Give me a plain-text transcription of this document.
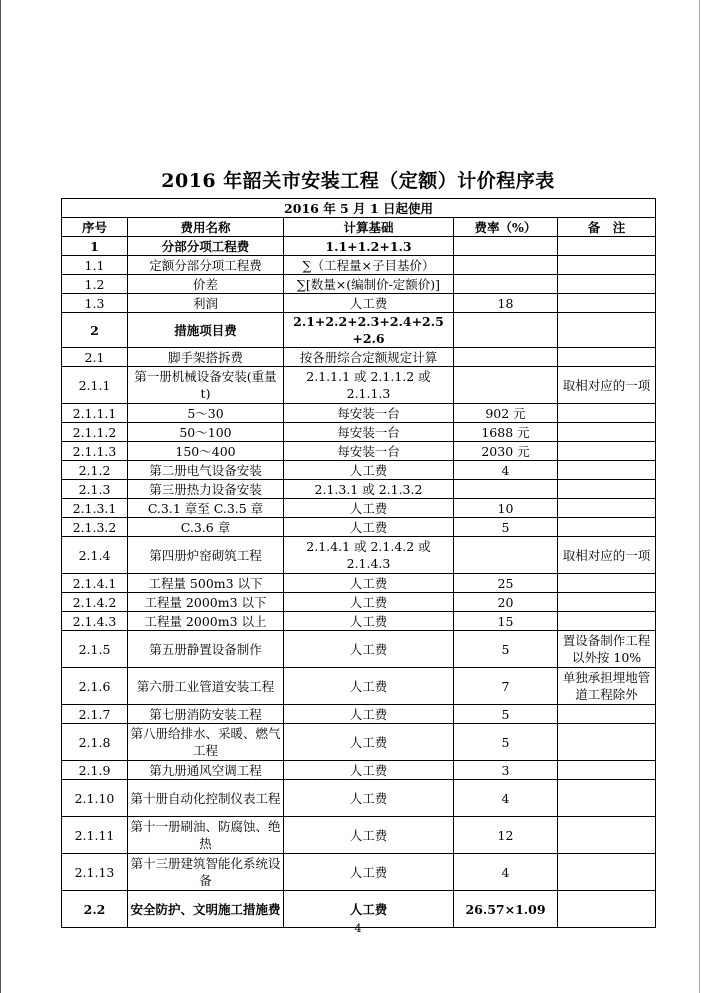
2016 年韶关市安装工程（定额）计价程序表
2016 年 5 月 1 日起使用				
序号	费用名称	计算基础	费率（%）	备　注
1	分部分项工程费	1.1+1.2+1.3		
1.1	定额分部分项工程费	∑（工程量×子目基价）		
1.2	价差	∑[数量×(编制价-定额价)]		
1.3	利润	人工费	18	
2	措施项目费	2.1+2.2+2.3+2.4+2.5 +2.6		
2.1	脚手架搭拆费	按各册综合定额规定计算		
2.1.1	第一册机械设备安装(重量 t)	2.1.1.1 或 2.1.1.2 或 2.1.1.3		取相对应的一项
2.1.1.1	5～30	每安装一台	902 元	
2.1.1.2	50～100	每安装一台	1688 元	
2.1.1.3	150～400	每安装一台	2030 元	
2.1.2	第二册电气设备安装	人工费	4	
2.1.3	第三册热力设备安装	2.1.3.1 或 2.1.3.2		
2.1.3.1	C.3.1 章至 C.3.5 章	人工费	10	
2.1.3.2	C.3.6 章	人工费	5	
2.1.4	第四册炉窑砌筑工程	2.1.4.1 或 2.1.4.2 或 2.1.4.3		取相对应的一项
2.1.4.1	工程量 500m3 以下	人工费	25	
2.1.4.2	工程量 2000m3 以下	人工费	20	
2.1.4.3	工程量 2000m3 以上	人工费	15	
2.1.5	第五册静置设备制作	人工费	5	置设备制作工程以外按 10%
2.1.6	第六册工业管道安装工程	人工费	7	单独承担埋地管道工程除外
2.1.7	第七册消防安装工程	人工费	5	
2.1.8	第八册给排水、采暖、燃气工程	人工费	5	
2.1.9	第九册通风空调工程	人工费	3	
2.1.10	第十册自动化控制仪表工程	人工费	4	
2.1.11	第十一册刷油、防腐蚀、绝热	人工费	12	
2.1.13	第十三册建筑智能化系统设备	人工费	4	
2.2	安全防护、文明施工措施费	人工费	26.57×1.09	
4
